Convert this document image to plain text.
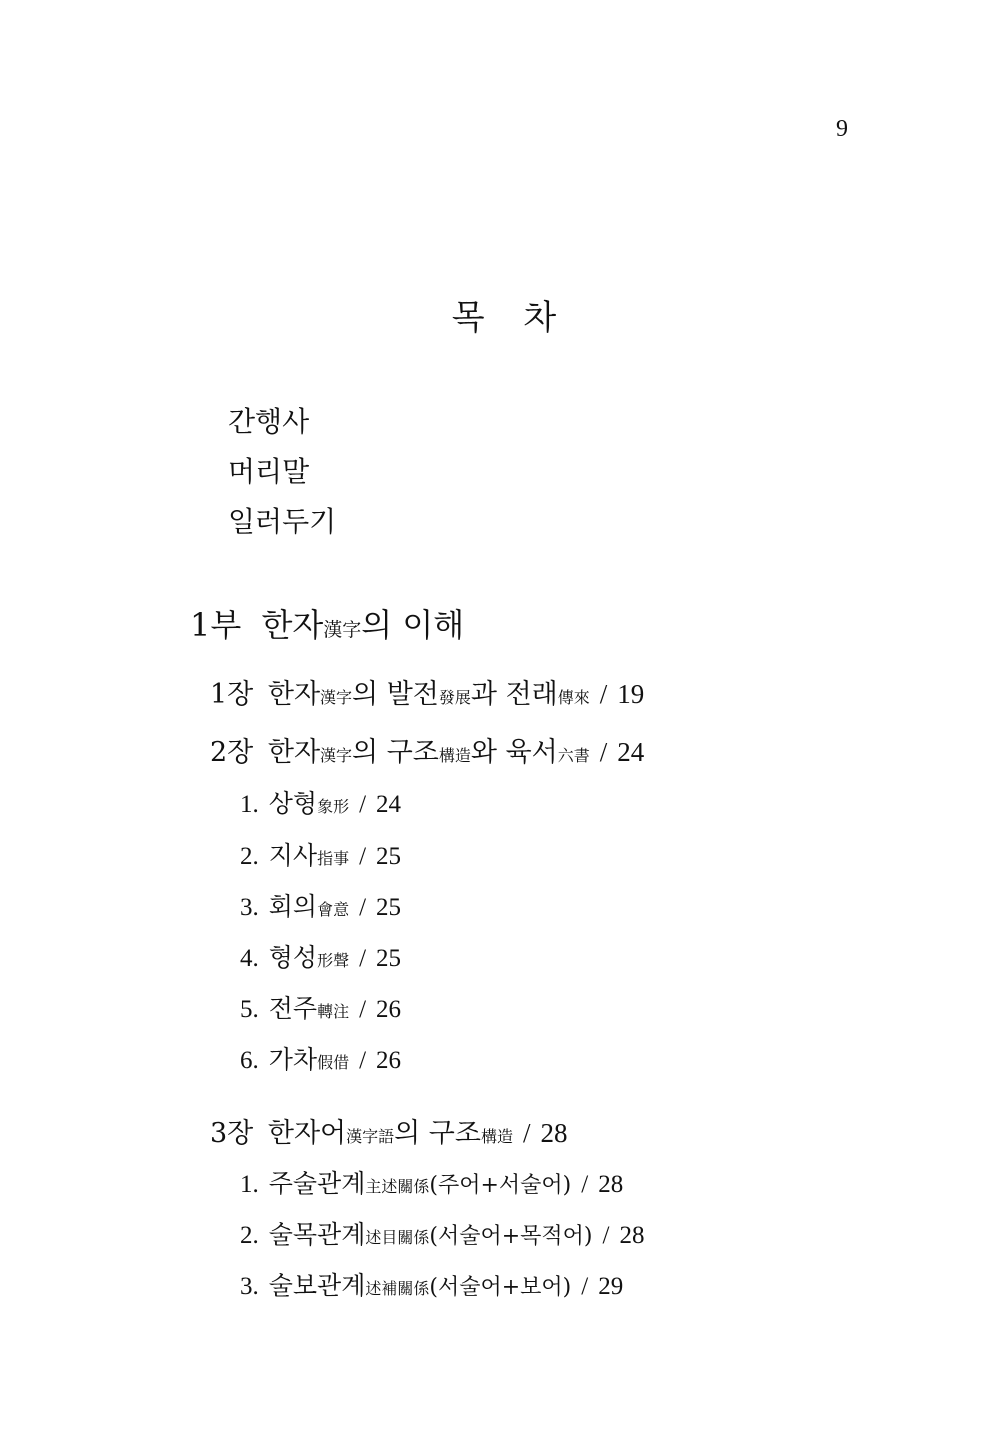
9
목 차
간행사
머리말
일러두기
1부 한자漢字의 이해
1장 한자漢字의 발전發展과 전래傳來 / 19
2장 한자漢字의 구조構造와 육서六書 / 24
1. 상형象形 / 24
2. 지사指事 / 25
3. 회의會意 / 25
4. 형성形聲 / 25
5. 전주轉注 / 26
6. 가차假借 / 26
3장 한자어漢字語의 구조構造 / 28
1. 주술관계主述關係(주어+서술어) / 28
2. 술목관계述目關係(서술어+목적어) / 28
3. 술보관계述補關係(서술어+보어) / 29
